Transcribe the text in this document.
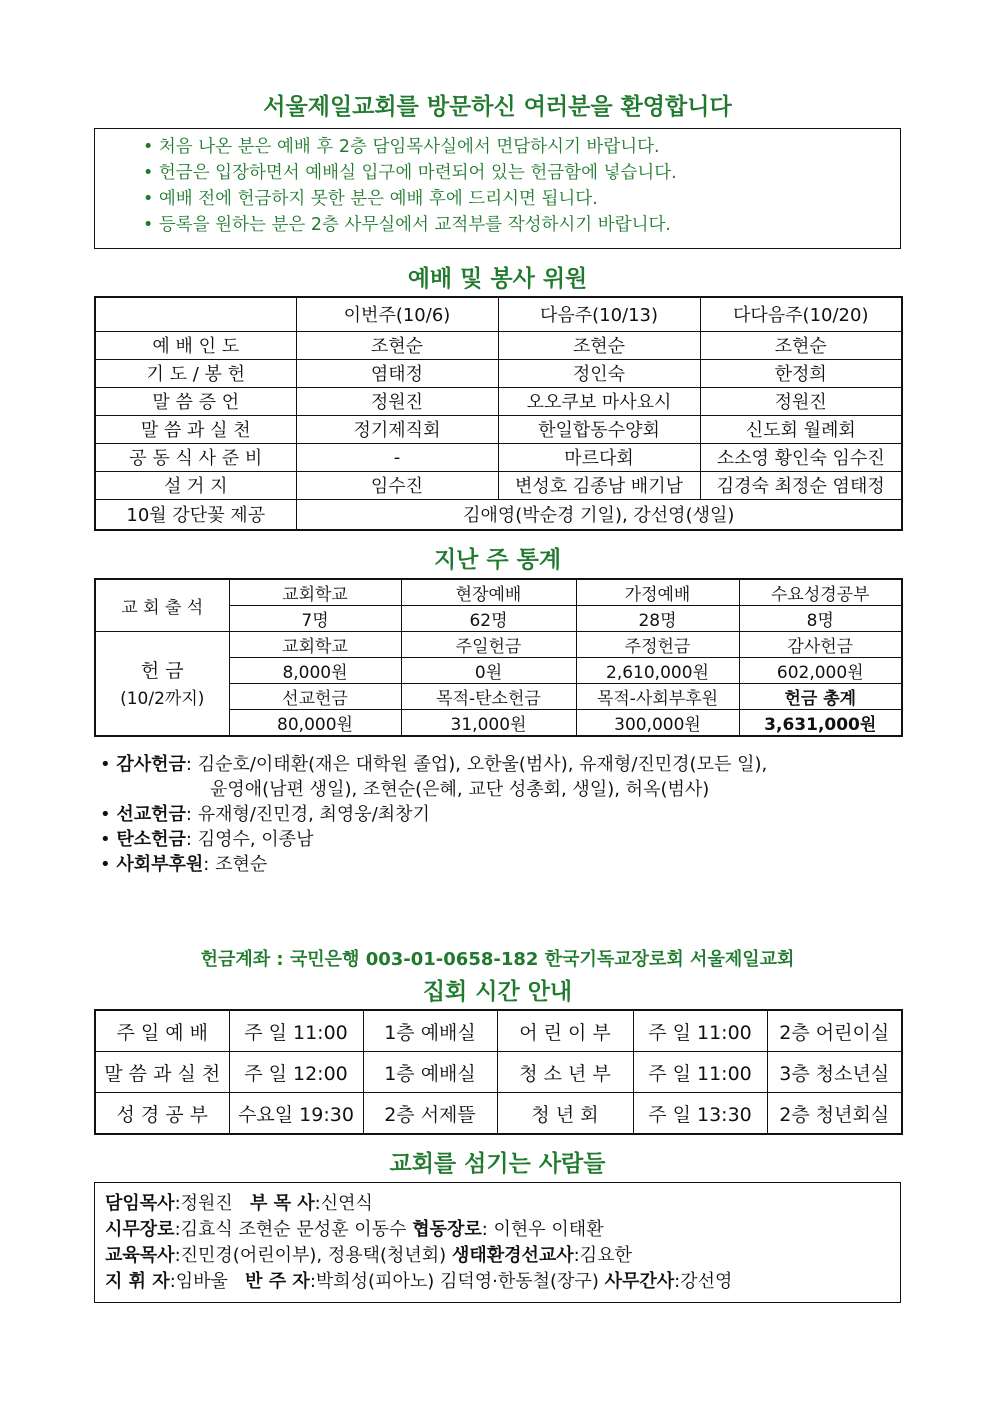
서울제일교회를 방문하신 여러분을 환영합니다
• 처음 나온 분은 예배 후 2층 담임목사실에서 면담하시기 바랍니다.
• 헌금은 입장하면서 예배실 입구에 마련되어 있는 헌금함에 넣습니다.
• 예배 전에 헌금하지 못한 분은 예배 후에 드리시면 됩니다.
• 등록을 원하는 분은 2층 사무실에서 교적부를 작성하시기 바랍니다.
예배 및 봉사 위원
	이번주(10/6)	다음주(10/13)	다다음주(10/20)
예 배 인 도	조현순	조현순	조현순
기 도 / 봉 헌	염태정	정인숙	한정희
말 씀 증 언	정원진	오오쿠보 마사요시	정원진
말 씀 과 실 천	정기제직회	한일합동수양회	신도회 월례회
공 동 식 사 준 비	-	마르다회	소소영 황인숙 임수진
설 거 지	임수진	변성호 김종남 배기남	김경숙 최정순 염태정
10월 강단꽃 제공	김애영(박순경 기일), 강선영(생일)		
지난 주 통계
교 회 출 석	교회학교	현장예배	가정예배	수요성경공부
	7명	62명	28명	8명

헌 금
(10/2까지)	교회학교	주일헌금	주정헌금	감사헌금
	8,000원	0원	2,610,000원	602,000원
	선교헌금	목적-탄소헌금	목적-사회부후원	헌금 총계
	80,000원	31,000원	300,000원	3,631,000원
• 감사헌금: 김순호/이태환(재은 대학원 졸업), 오한울(범사), 유재형/진민경(모든 일),
윤영애(남편 생일), 조현순(은혜, 교단 성총회, 생일), 허옥(범사)
• 선교헌금: 유재형/진민경, 최영웅/최창기
• 탄소헌금: 김영수, 이종남
• 사회부후원: 조현순
헌금계좌 : 국민은행 003-01-0658-182 한국기독교장로회 서울제일교회
집회 시간 안내
주 일 예 배	주 일 11:00	1층 예배실	어 린 이 부	주 일 11:00	2층 어린이실
말 씀 과 실 천	주 일 12:00	1층 예배실	청 소 년 부	주 일 11:00	3층 청소년실
성 경 공 부	수요일 19:30	2층 서제뜰	청 년 회	주 일 13:30	2층 청년회실
교회를 섬기는 사람들
담임목사:정원진 부 목 사:신연식
시무장로:김효식 조현순 문성훈 이동수 협동장로: 이현우 이태환
교육목사:진민경(어린이부), 정용택(청년회) 생태환경선교사:김요한
지 휘 자:임바울 반 주 자:박희성(피아노) 김덕영·한동철(장구) 사무간사:강선영
